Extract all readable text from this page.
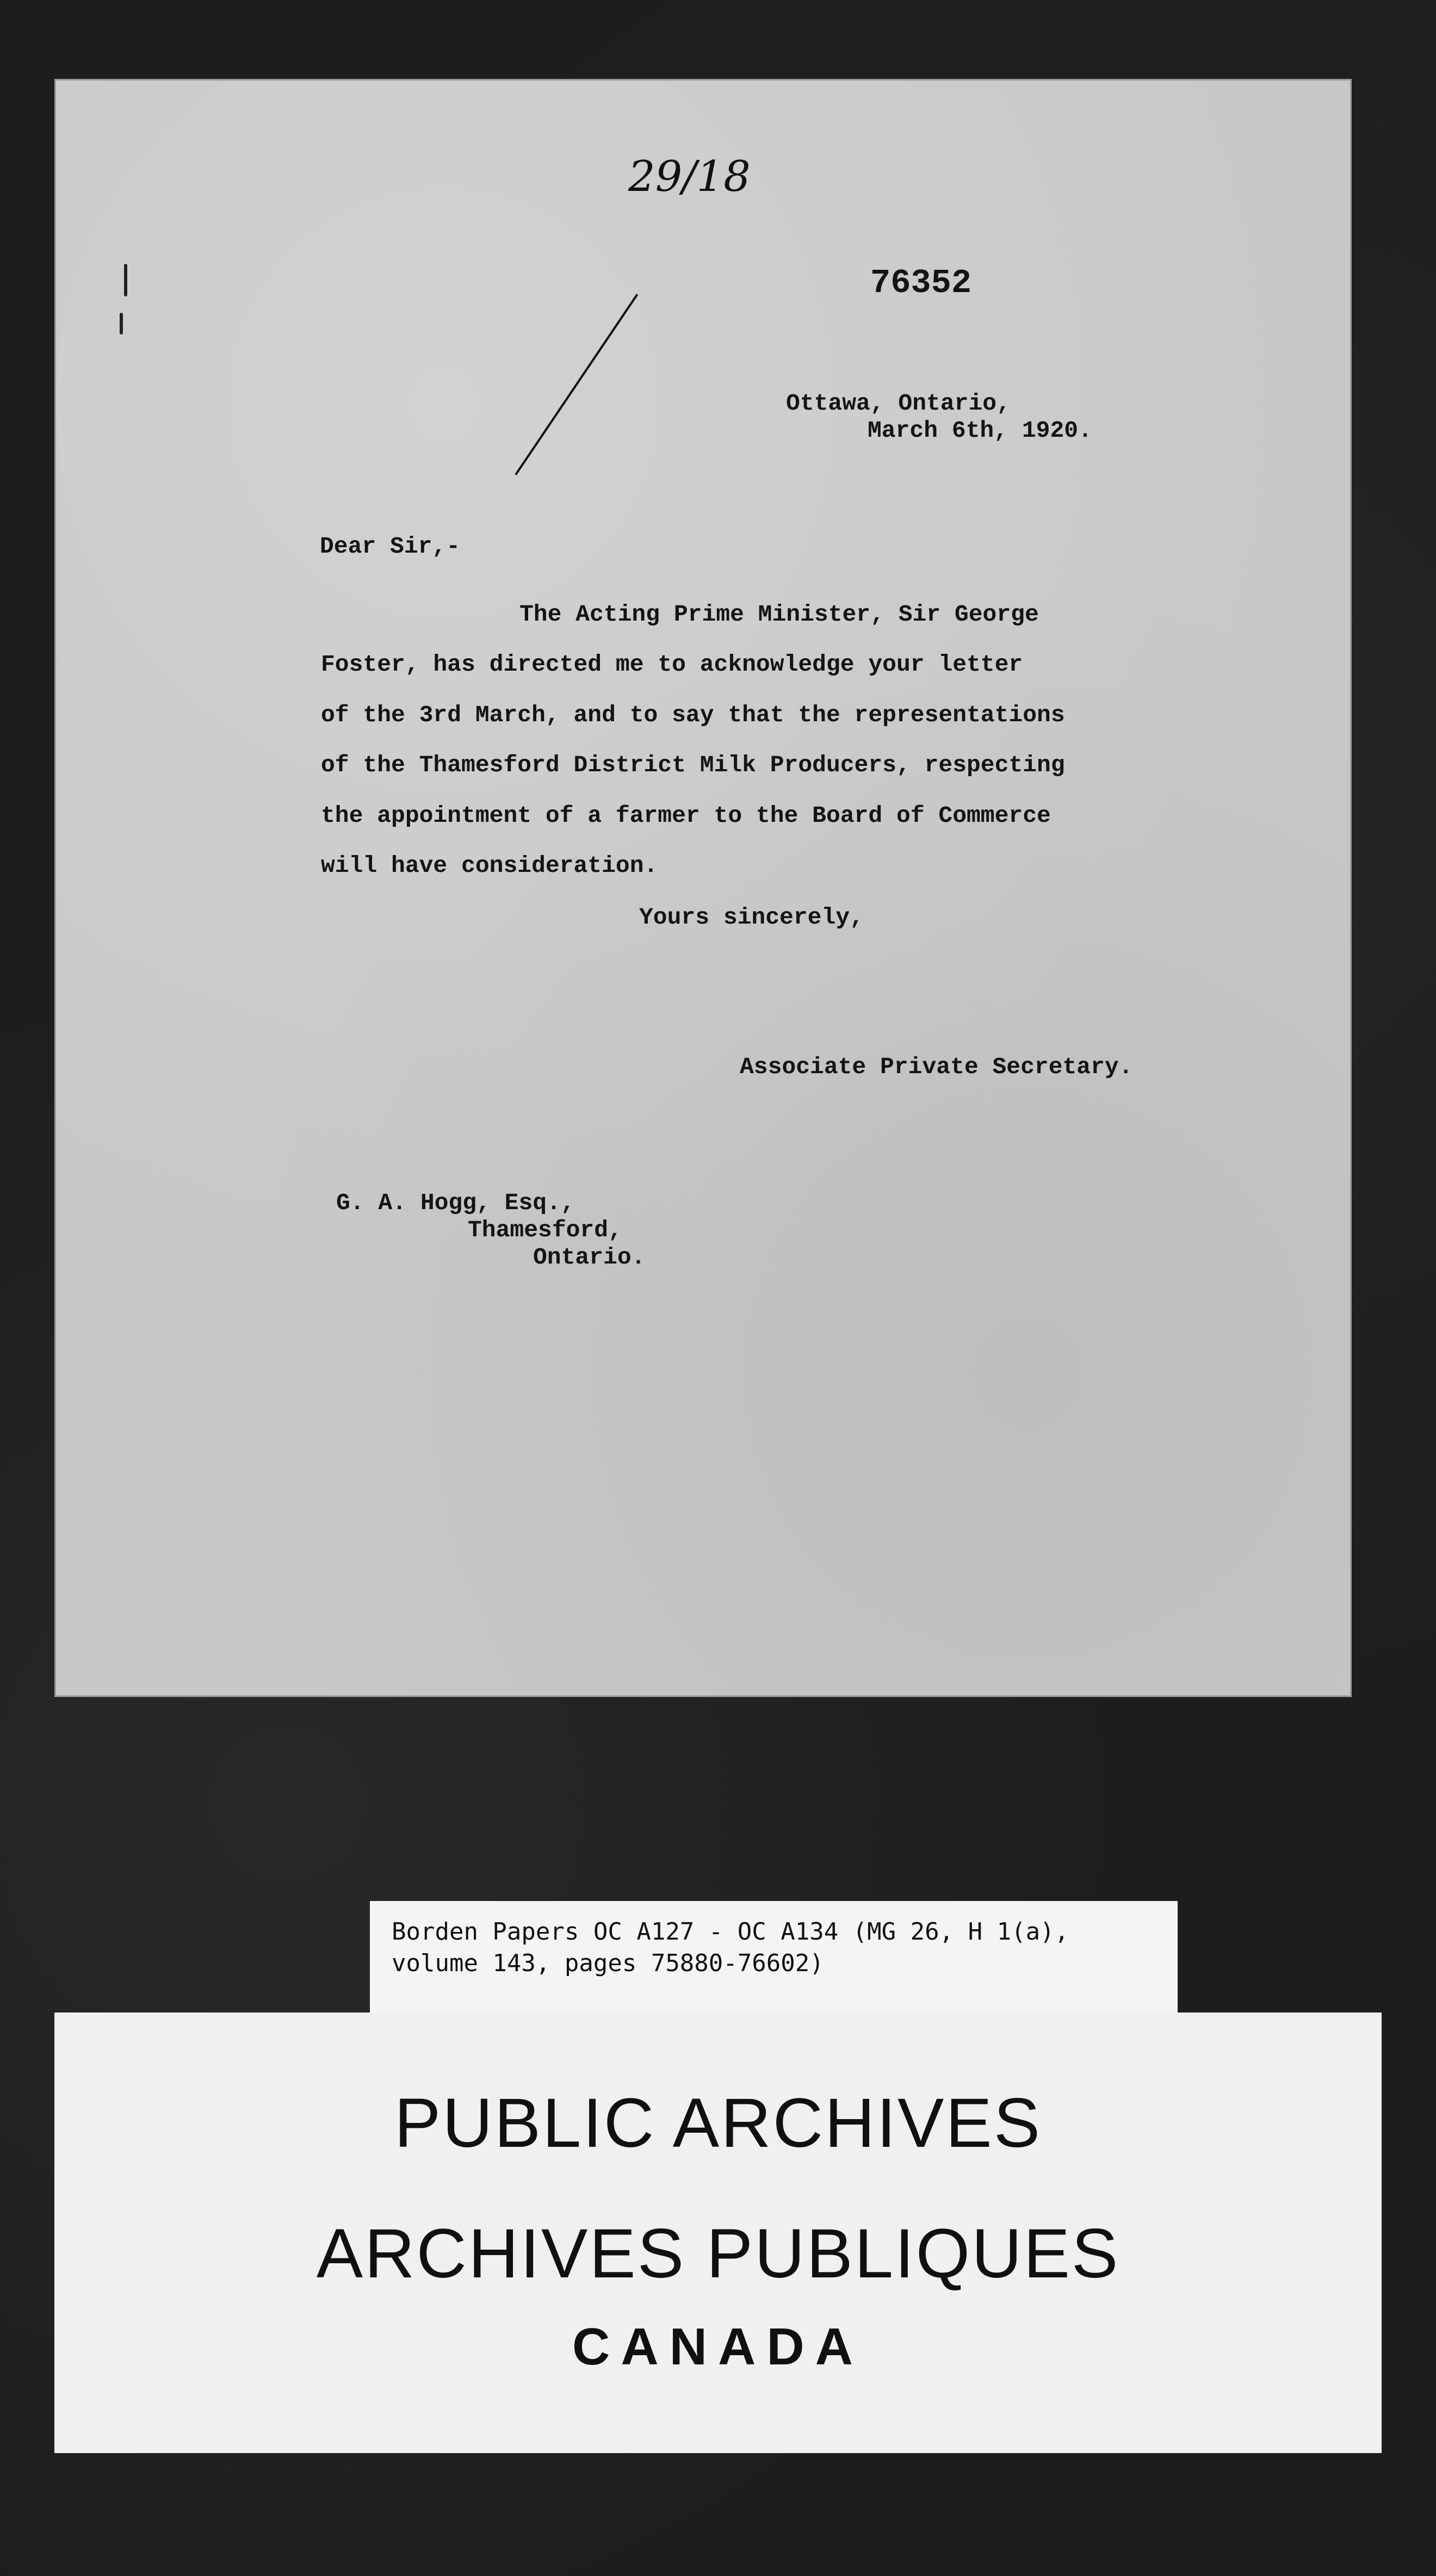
29/18
76352
Ottawa, Ontario,
March 6th, 1920.
Dear Sir,-
The Acting Prime Minister, Sir George
Foster, has directed me to acknowledge your letter
of the 3rd March, and to say that the representations
of the Thamesford District Milk Producers, respecting
the appointment of a farmer to the Board of Commerce
will have consideration.
Yours sincerely,
Associate Private Secretary.
G. A. Hogg, Esq.,
Thamesford,
Ontario.
Borden Papers OC A127 - OC A134 (MG 26, H 1(a), volume 143, pages 75880-76602)
PUBLIC ARCHIVES
ARCHIVES PUBLIQUES
CANADA
